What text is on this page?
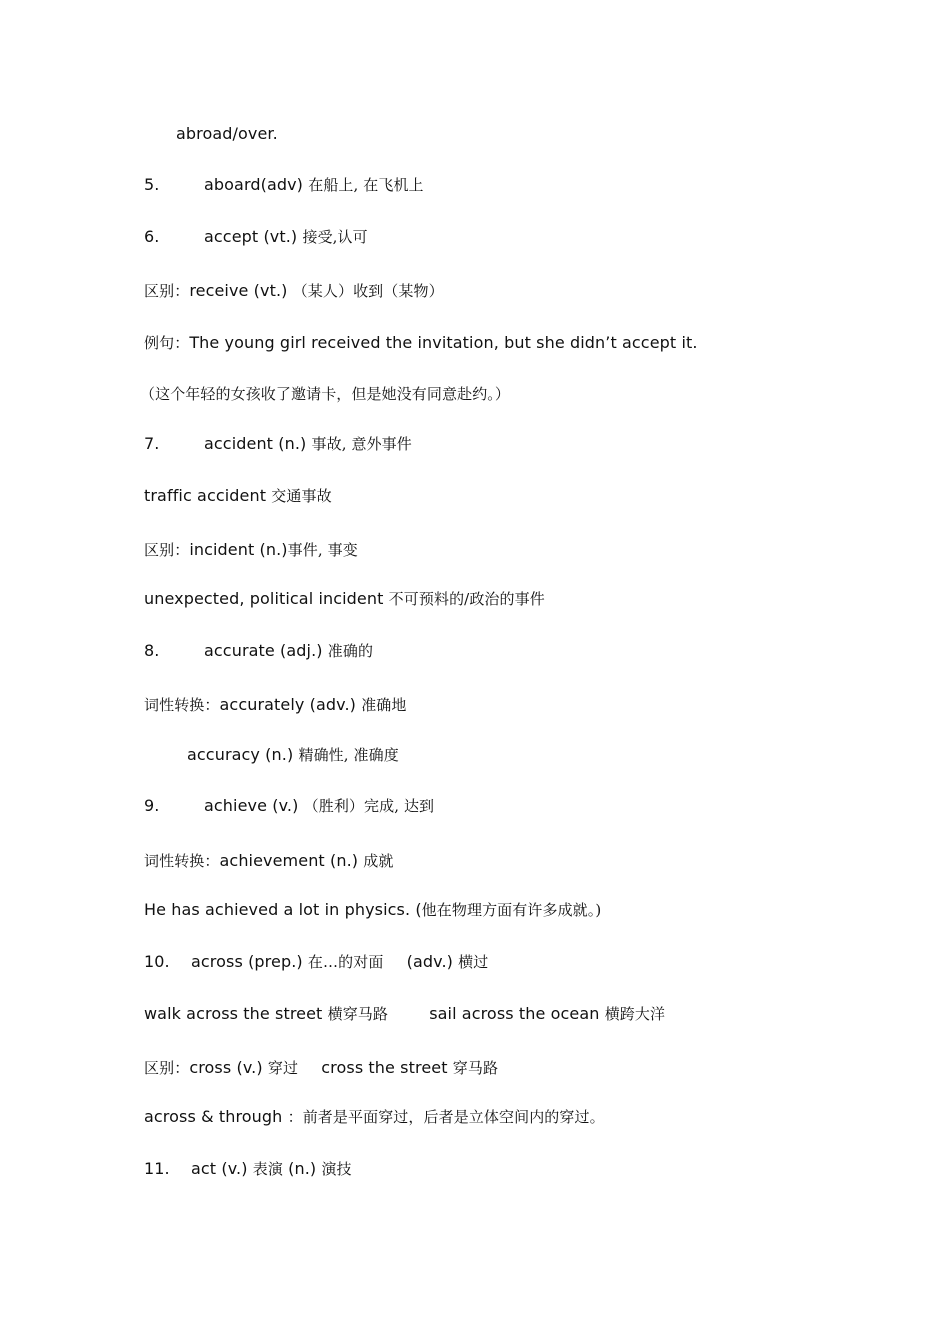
abroad/over.
5.	aboard(adv) 在船上, 在飞机上
6.	accept (vt.) 接受,认可
区别：receive (vt.) （某人）收到（某物）
例句：The young girl received the invitation, but she didn’t accept it.
（这个年轻的女孩收了邀请卡，但是她没有同意赴约。）
7.	accident (n.) 事故, 意外事件
traffic accident 交通事故
区别：incident (n.)事件, 事变
unexpected, political incident 不可预料的/政治的事件
8.	accurate (adj.) 准确的
词性转换：accurately (adv.) 准确地
accuracy (n.) 精确性, 准确度
9.	achieve (v.) （胜利）完成, 达到
词性转换：achievement (n.) 成就
He has achieved a lot in physics. (他在物理方面有许多成就。)
10. across (prep.) 在…的对面 (adv.) 横过
walk across the street 横穿马路	sail across the ocean 横跨大洋
区别：cross (v.) 穿过 cross the street 穿马路
across & through ：前者是平面穿过，后者是立体空间内的穿过。
11. act (v.) 表演 (n.) 演技
